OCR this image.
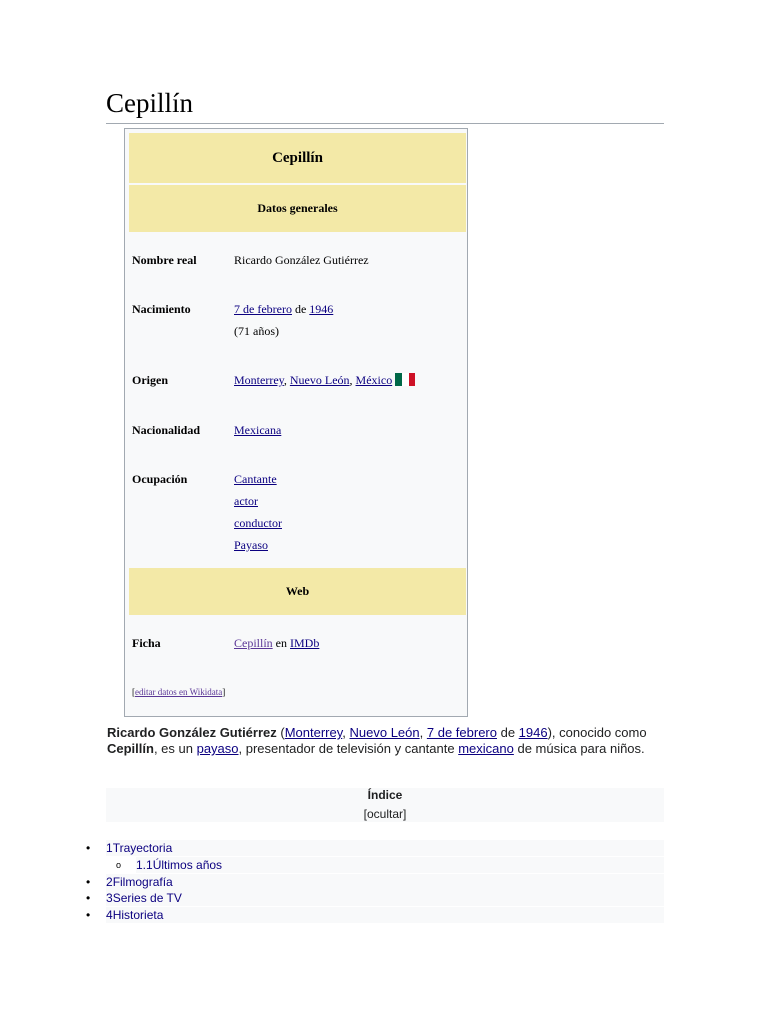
Cepillín
Cepillín
Datos generales
Nombre real	Ricardo González Gutiérrez
Nacimiento	7 de febrero de 1946
(71 años)
Origen	Monterrey, Nuevo León, México
Nacionalidad	Mexicana
Ocupación	Cantante
actor
conductor
Payaso
Web
Ficha	Cepillín en IMDb
[editar datos en Wikidata]

Ricardo González Gutiérrez (Monterrey, Nuevo León, 7 de febrero de 1946), conocido como Cepillín, es un payaso, presentador de televisión y cantante mexicano de música para niños.

Índice
[ocultar]
• 1Trayectoria
o 1.1Últimos años
• 2Filmografía
• 3Series de TV
• 4Historieta
